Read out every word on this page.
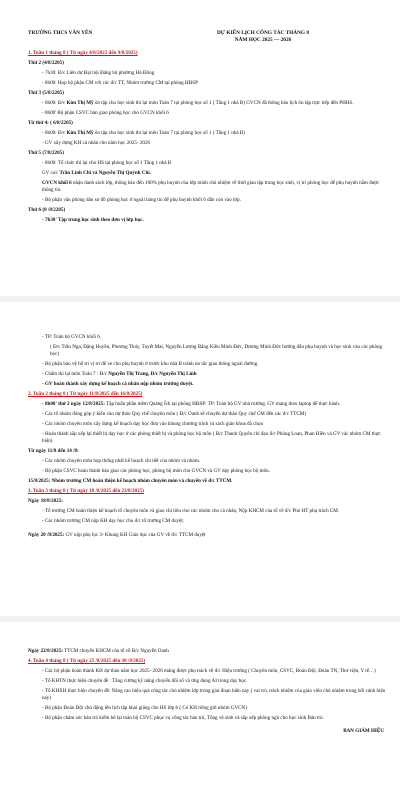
TRƯỜNG THCS VÂN YÊN	DỰ KIẾN LỊCH CÔNG TÁC THÁNG 8
NĂM HỌC 2025 — 2026

1. Tuần 1 tháng 8 ( Từ ngày 4/8/2025 đến 9/8/2025)

Thứ 2 (4/8/2205)

- 7h30: Đ/c Liên dự Đại hội Đảng bộ phường Hà Đông

- 8h00: Họp bộ phận CM với các đ/c TT, Nhóm trưởng CM tại phòng HĐSP

Thứ 3 (5/8/2205)

- 8h00: Đ/c Kim Thị Mỹ ôn tập cho học sinh thi lại môn Toán 7 tại phòng học số 1 ( Tầng 1 nhà B) GVCN đã thông báo lịch ôn tập trực tiếp đến PHHS.

- 8h00' Bộ phận CSVC bàn giao phòng học cho GVCN khối 6

Từ thứ 4: ( 6/8/2205)

- 8h00: Đ/c Kim Thị Mỹ ôn tập cho học sinh thi lại môn Toán 7 tại phòng học số 1 ( Tầng 1 nhà B)

- GV xây dựng KH cá nhân cho năm học 2025- 2026

Thứ 5 (7/8/2205)

- 8h00: Tổ chức thi lại cho HS tại phòng học số 1 Tầng 1 nhà B

GV coi: Trần Linh Chi và Nguyễn Thị Quỳnh Chi.

GVCN khối 6 nhận danh sách lớp, thông báo đến 100% phụ huynh của lớp mình chủ nhiệm về thời gian tập trung học sinh, vị trí phòng học để phụ huynh nắm được thông tin.

- Bộ phận văn phòng dán sơ đồ phòng học ở ngoài bảng tin để phụ huynh khối 6 dẫn con vào lớp.

Thứ 6 (8 /8/2205)

- 7h30' Tập trung học sinh theo đơn vị lớp học.

- TP: Toàn bộ GVCN khối 6.

( Đ/c Trần Nga, Đặng Huyền, Phương Thúy, Tuyết Mai, Nguyễn Lương Bằng Kiều Minh Đức, Dương Minh Đức hướng dẫn phụ huynh và học sinh vào các phòng học)

- Bộ phận bảo vệ bố trí vị trí để xe cho phụ huynh ở trước khu nhà B tránh ùn tắc giao thông ngoài đường.

- Chấm thi lại môn Toán 7 : Đ/c Nguyễn Thị Trang, Đ/c Nguyễn Thị Linh

- GV hoàn thành xây dựng kế hoạch cá nhân nộp nhóm trưởng duyệt.

2. Tuần 2 tháng 8 ( Từ ngày 11/8/2025 đến 16/8/2025)

- 8h00' thứ 2 ngày 12/8/2025: Tập huấn phần mềm Quảng Ích tại phòng HĐSP: TP: Toàn bộ GV nhà trường. GV mang theo laptop để thực hành.

- Các tổ nhóm đóng góp ý kiến vào dự thảo Quy chế chuyên môn ( Đ/c Oanh sẽ chuyển dự thảo Quy chế CM đến các đ/c TTCM)

- Các nhóm chuyên môn xây dựng kế hoạch dạy học đưa vào khung chương trình và sách giáo khoa đã chọn

- Hoàn thành sắp xếp lại thiết bị dạy học ở các phòng thiết bị và phòng học bộ môn ( Đ/c Thanh Quyên chỉ đạo đ/c Phùng Loan, Phan Hiền và GV các nhóm CM thực hiện)

Từ ngày 11/8 đến 14 /8:

- Các nhóm chuyên môn họp thống nhất kế hoạch chi tiết của nhóm và nhóm.

- Bộ phận CSVC hoàn thành bàn giao các phòng học, phòng bộ môn cho GVCN và GV dạy phòng học bộ môn.

15/8/2025: Nhóm trưởng CM hoàn thiện kế hoạch nhóm chuyên môn và chuyển về đ/c TTCM.

3. Tuần 3 tháng 8 ( Từ ngày 18 /8/2025 đến 23/8/2025)

Ngày 18/8/2025:

- Tổ trưởng CM hoàn thiện kế hoạch tổ chuyên môn và giao chỉ tiêu cho các nhóm cho cá nhân, Nộp KHCM của tổ về đ/c Phó HT phụ trách CM.

- Các nhóm trưởng CM nộp KH dạy học cho đ/c tổ trưởng CM duyệt.

Ngày 20 /8/2025: GV nộp phụ lục 3- Khung KH Giáo dục của GV về đ/c TTCM duyệt

Ngày 22/8/2025: TTCM chuyển KHCM của tổ về Đ/c Nguyễn Oanh

4. Tuần 4 tháng 8 ( Từ ngày 25 /8/2025 đến 30 /8/2025)

- Các bộ phận hoàn thành KH dự thảo năm học 2025- 2026 mảng được phụ trách về đ/c Hiệu trưởng ( Chuyên môn, CSVC, Đoàn Đội, Đoàn TN, Thư viện, Y tế…)

- Tổ KHTN thực hiện chuyên đề : Tăng cường kỹ năng chuyển đổi số và ứng dụng AI trong dạy học.

- Tổ KHXH thực hiện chuyên đề: Nâng cao hiệu quả công tác chủ nhiệm lớp trong giai đoạn hiện nay ( vai trò, trách nhiệm của giáo viên chủ nhiệm trong bối cảnh hiện nay)

- Bộ phận Đoàn Đội chủ động lên lịch tập khai giảng cho HS lớp 6 ( Có KH riêng gửi nhóm GVCN)

- Bộ phận chăm sóc bàn trò kiểm kê lại toàn bộ CSVC phục vụ công tác bán trú, Tổng vệ sinh và sắp xếp phòng ngủ cho học sinh Bán trú.

BAN GIÁM HIỆU
